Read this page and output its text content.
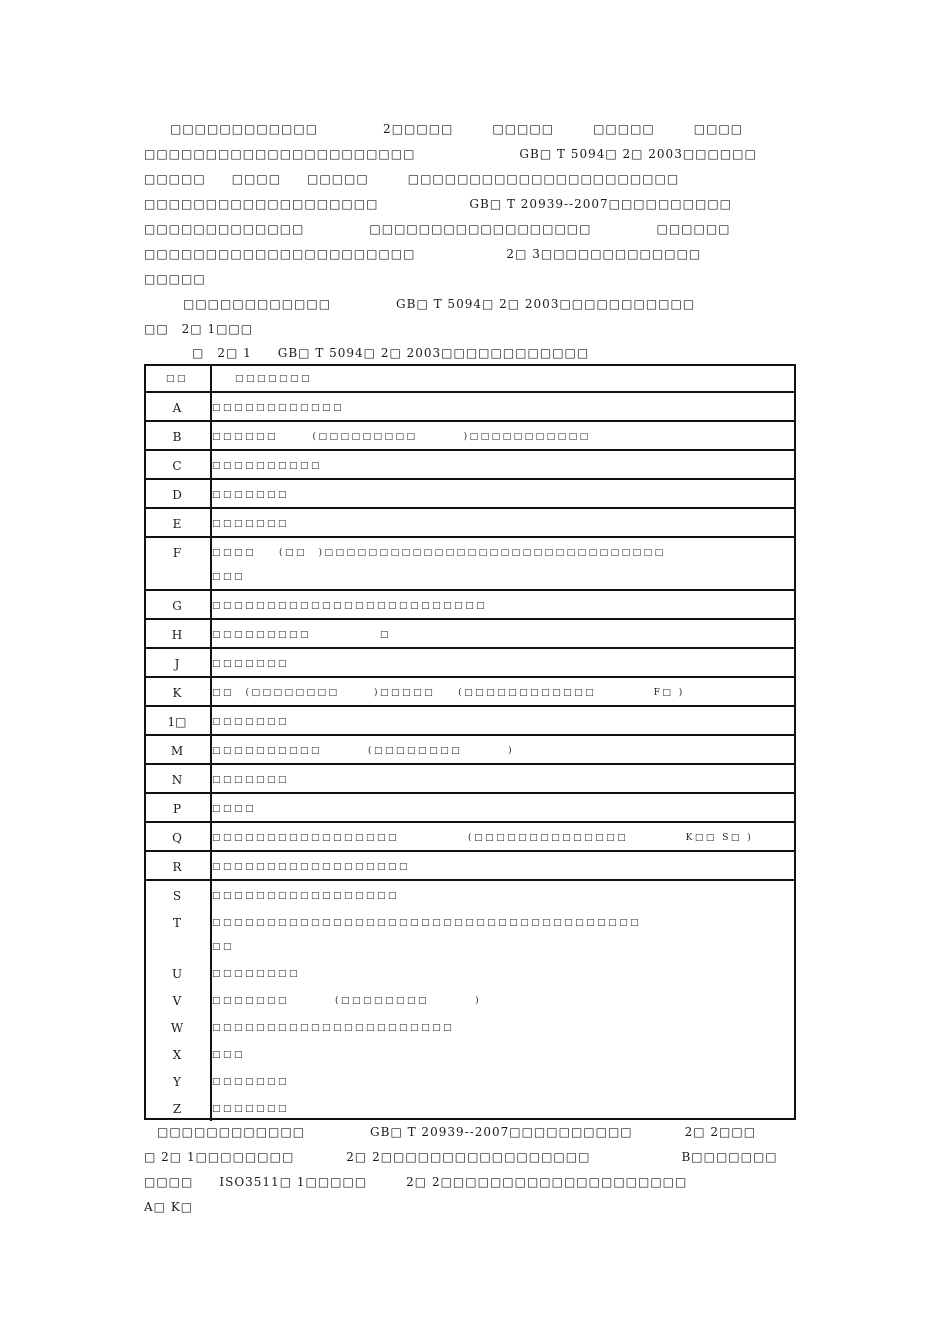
　　□□□□□□□□□□□□　　　　　2□□□□□　　　□□□□□　　　□□□□□　　　□□□□
□□□□□□□□□□□□□□□□□□□□□□　　　　　　　　GB□ T 5094□ 2□ 2003□□□□□□
□□□□□　　□□□□　　□□□□□　　　□□□□□□□□□□□□□□□□□□□□□□
□□□□□□□□□□□□□□□□□□□　　　　　　　GB□ T 20939--2007□□□□□□□□□□
□□□□□□□□□□□□□　　　　　□□□□□□□□□□□□□□□□□□　　　　　□□□□□□
□□□□□□□□□□□□□□□□□□□□□□　　　　　　　2□ 3□□□□□□□□□□□□□
□□□□□
　　　□□□□□□□□□□□□　　　　　GB□ T 5094□ 2□ 2003□□□□□□□□□□□
□□　2□ 1□□□
□　2□ 1　　GB□ T 5094□ 2□ 2003□□□□□□□□□□□□
□□	　　□□□□□□□

A	□□□□□□□□□□□□

B	□□□□□□　　　(□□□□□□□□□　　　　)□□□□□□□□□□□

C	□□□□□□□□□□

D	□□□□□□□

E	□□□□□□□

F	□□□□　　(□□　)□□□□□□□□□□□□□□□□□□□□□□□□□□□□□□□
□□□

G	□□□□□□□□□□□□□□□□□□□□□□□□□

H	□□□□□□□□□　　　　　　□

J	□□□□□□□

K	□□　(□□□□□□□□　　　)□□□□□　　(□□□□□□□□□□□□　　　　　F□ )

1□	□□□□□□□

M	□□□□□□□□□□　　　　(□□□□□□□□　　　　)

N	□□□□□□□

P	□□□□

Q	□□□□□□□□□□□□□□□□□　　　　　　(□□□□□□□□□□□□□□　　　　　K□□ S□ )

R	□□□□□□□□□□□□□□□□□□

S	□□□□□□□□□□□□□□□□□

T	□□□□□□□□□□□□□□□□□□□□□□□□□□□□□□□□□□□□□□□
□□

U	□□□□□□□□

V	□□□□□□□　　　　(□□□□□□□□　　　　)

W	□□□□□□□□□□□□□□□□□□□□□□

X	□□□

Y	□□□□□□□

Z	□□□□□□□
　□□□□□□□□□□□□　　　　　GB□ T 20939--2007□□□□□□□□□□　　　　2□ 2□□□
□ 2□ 1□□□□□□□□　　　　2□ 2□□□□□□□□□□□□□□□□□　　　　　　　B□□□□□□□
□□□□　　ISO3511□ 1□□□□□　　　2□ 2□□□□□□□□□□□□□□□□□□□□
A□ K□
